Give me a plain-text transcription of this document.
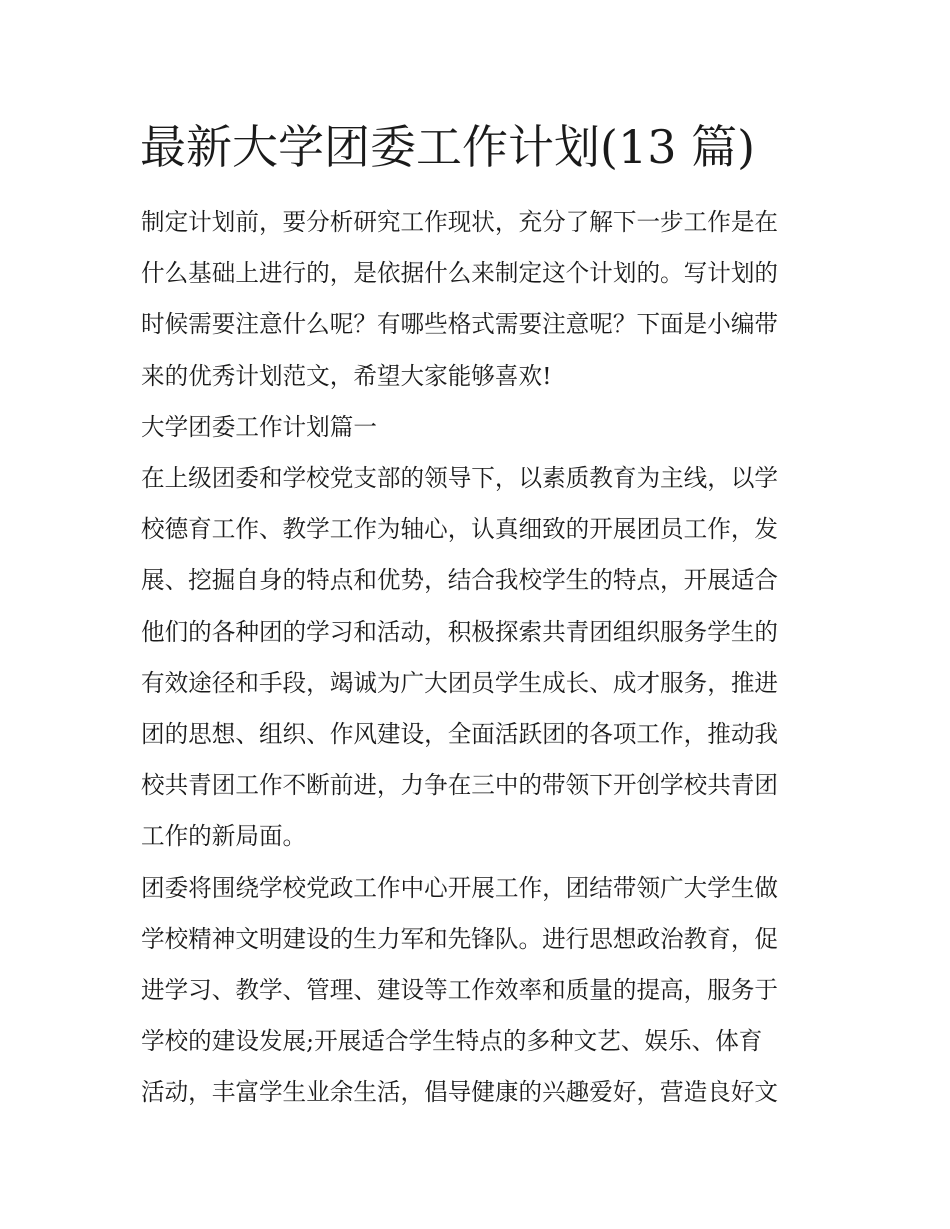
最新大学团委工作计划(13 篇)

制定计划前，要分析研究工作现状，充分了解下一步工作是在

什么基础上进行的，是依据什么来制定这个计划的。写计划的

时候需要注意什么呢？有哪些格式需要注意呢？下面是小编带

来的优秀计划范文，希望大家能够喜欢!

大学团委工作计划篇一

在上级团委和学校党支部的领导下，以素质教育为主线，以学

校德育工作、教学工作为轴心，认真细致的开展团员工作，发

展、挖掘自身的特点和优势，结合我校学生的特点，开展适合

他们的各种团的学习和活动，积极探索共青团组织服务学生的

有效途径和手段，竭诚为广大团员学生成长、成才服务，推进

团的思想、组织、作风建设，全面活跃团的各项工作，推动我

校共青团工作不断前进，力争在三中的带领下开创学校共青团

工作的新局面。

团委将围绕学校党政工作中心开展工作，团结带领广大学生做

学校精神文明建设的生力军和先锋队。进行思想政治教育，促

进学习、教学、管理、建设等工作效率和质量的提高，服务于

学校的建设发展;开展适合学生特点的多种文艺、娱乐、体育

活动，丰富学生业余生活，倡导健康的兴趣爱好，营造良好文
